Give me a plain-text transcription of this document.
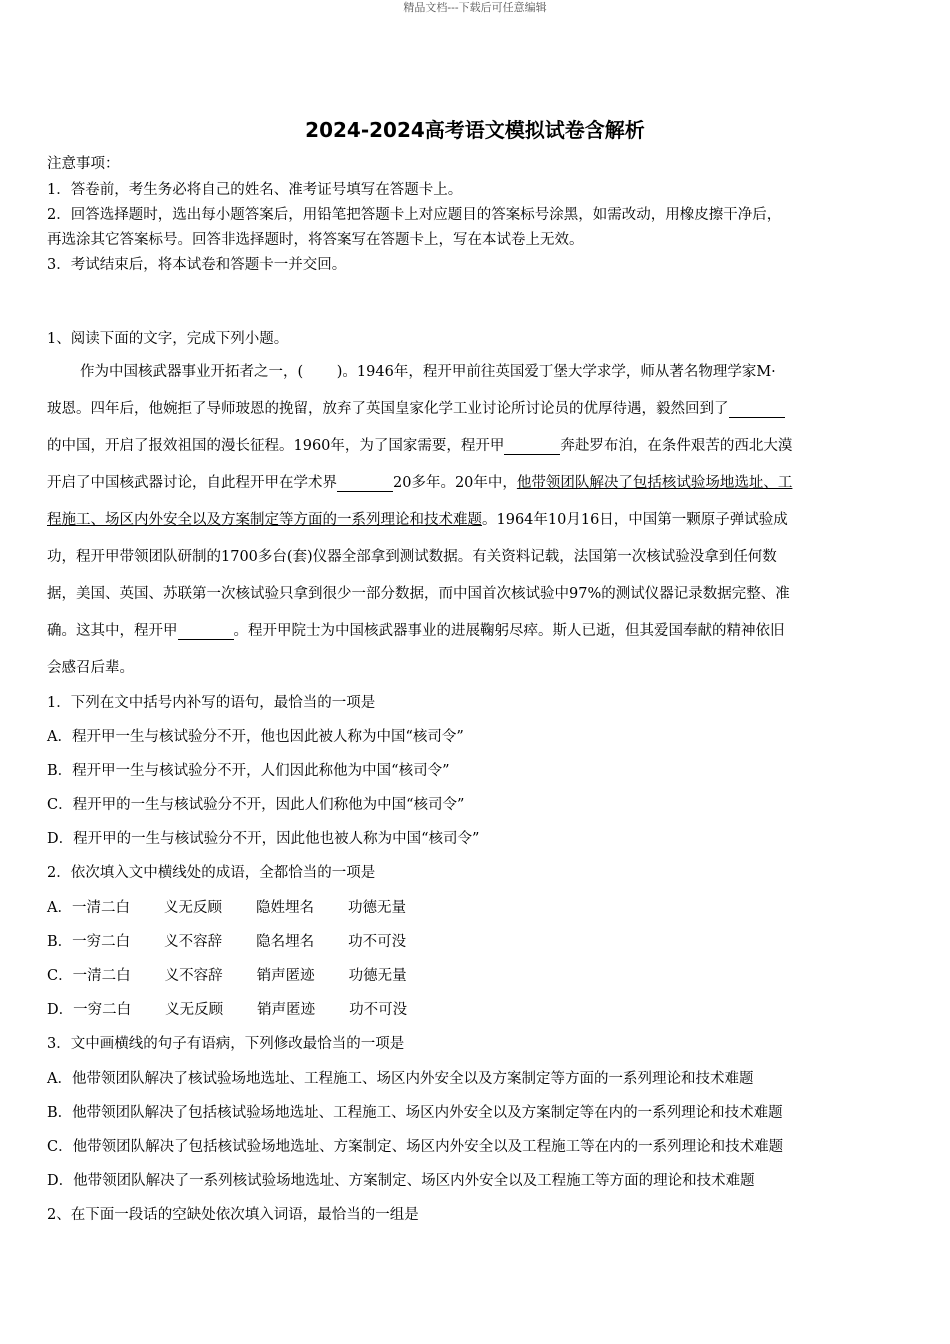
精品文档---下载后可任意编辑
2024-2024高考语文模拟试卷含解析
注意事项：
1．答卷前，考生务必将自己的姓名、准考证号填写在答题卡上。
2．回答选择题时，选出每小题答案后，用铅笔把答题卡上对应题目的答案标号涂黑，如需改动，用橡皮擦干净后，
再选涂其它答案标号。回答非选择题时，将答案写在答题卡上，写在本试卷上无效。
3．考试结束后，将本试卷和答题卡一并交回。
1、阅读下面的文字，完成下列小题。
作为中国核武器事业开拓者之一，(　　 )。1946年，程开甲前往英国爱丁堡大学求学，师从著名物理学家M·
玻恩。四年后，他婉拒了导师玻恩的挽留，放弃了英国皇家化学工业讨论所讨论员的优厚待遇，毅然回到了
的中国，开启了报效祖国的漫长征程。1960年，为了国家需要，程开甲	奔赴罗布泊，在条件艰苦的西北大漠
开启了中国核武器讨论，自此程开甲在学术界	20多年。20年中，他带领团队解决了包括核试验场地选址、工
程施工、场区内外安全以及方案制定等方面的一系列理论和技术难题。1964年10月16日，中国第一颗原子弹试验成
功，程开甲带领团队研制的1700多台(套)仪器全部拿到测试数据。有关资料记载，法国第一次核试验没拿到任何数
据，美国、英国、苏联第一次核试验只拿到很少一部分数据，而中国首次核试验中97%的测试仪器记录数据完整、准
确。这其中，程开甲	。程开甲院士为中国核武器事业的进展鞠躬尽瘁。斯人已逝，但其爱国奉献的精神依旧
会感召后辈。
1．下列在文中括号内补写的语句，最恰当的一项是
A．程开甲一生与核试验分不开，他也因此被人称为中国“核司令”
B．程开甲一生与核试验分不开，人们因此称他为中国“核司令”
C．程开甲的一生与核试验分不开，因此人们称他为中国“核司令”
D．程开甲的一生与核试验分不开，因此他也被人称为中国“核司令”
2．依次填入文中横线处的成语，全都恰当的一项是
A．一清二白 义无反顾 隐姓埋名 功德无量
B．一穷二白 义不容辞 隐名埋名 功不可没
C．一清二白 义不容辞 销声匿迹 功德无量
D．一穷二白 义无反顾 销声匿迹 功不可没
3．文中画横线的句子有语病，下列修改最恰当的一项是
A．他带领团队解决了核试验场地选址、工程施工、场区内外安全以及方案制定等方面的一系列理论和技术难题
B．他带领团队解决了包括核试验场地选址、工程施工、场区内外安全以及方案制定等在内的一系列理论和技术难题
C．他带领团队解决了包括核试验场地选址、方案制定、场区内外安全以及工程施工等在内的一系列理论和技术难题
D．他带领团队解决了一系列核试验场地选址、方案制定、场区内外安全以及工程施工等方面的理论和技术难题
2、在下面一段话的空缺处依次填入词语，最恰当的一组是
